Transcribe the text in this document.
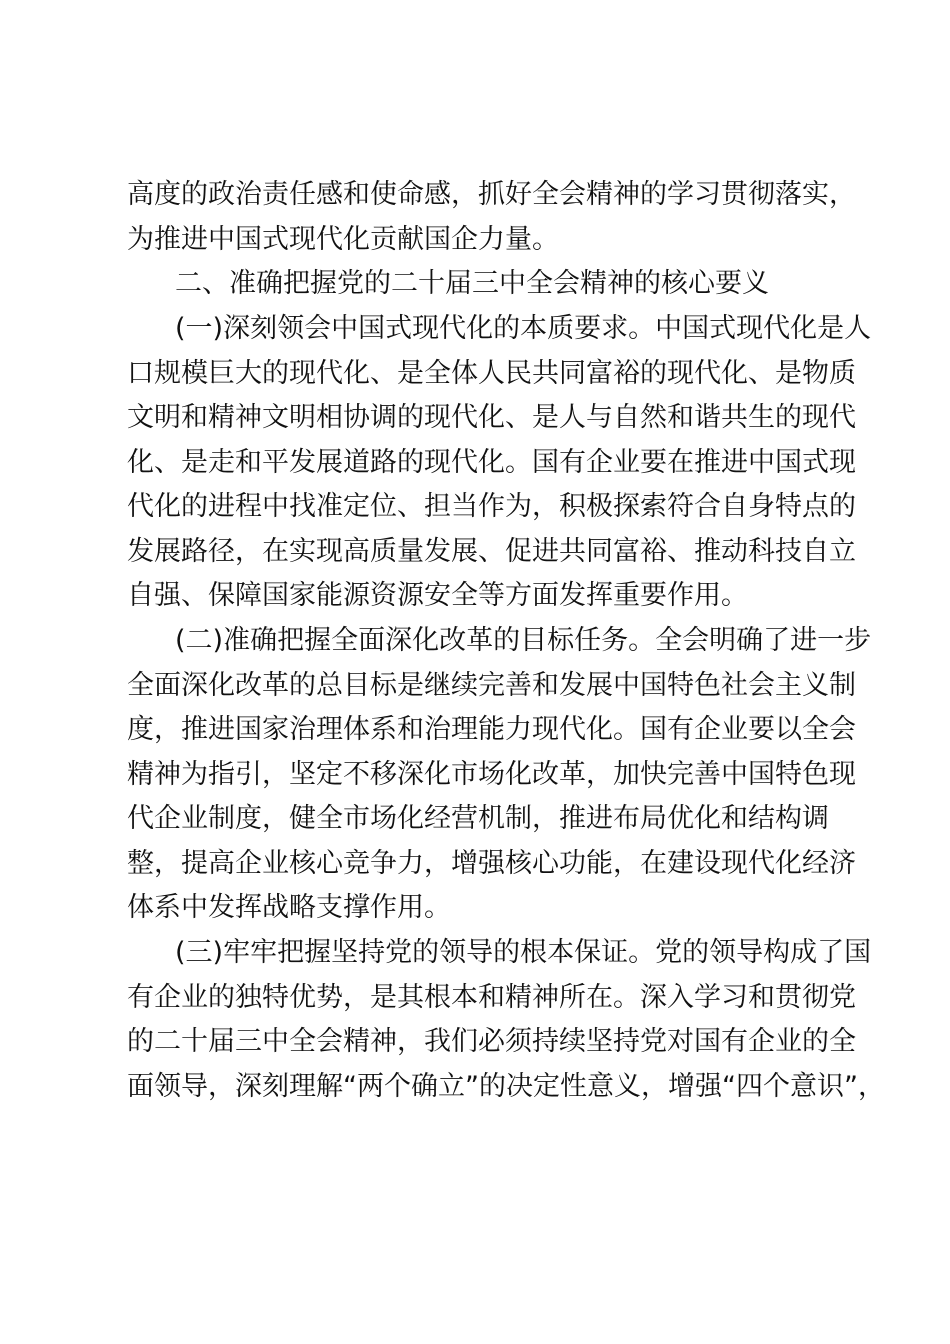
高度的政治责任感和使命感，抓好全会精神的学习贯彻落实，
为推进中国式现代化贡献国企力量。
二、准确把握党的二十届三中全会精神的核心要义
(一)深刻领会中国式现代化的本质要求。中国式现代化是人
口规模巨大的现代化、是全体人民共同富裕的现代化、是物质
文明和精神文明相协调的现代化、是人与自然和谐共生的现代
化、是走和平发展道路的现代化。国有企业要在推进中国式现
代化的进程中找准定位、担当作为，积极探索符合自身特点的
发展路径，在实现高质量发展、促进共同富裕、推动科技自立
自强、保障国家能源资源安全等方面发挥重要作用。
(二)准确把握全面深化改革的目标任务。全会明确了进一步
全面深化改革的总目标是继续完善和发展中国特色社会主义制
度，推进国家治理体系和治理能力现代化。国有企业要以全会
精神为指引，坚定不移深化市场化改革，加快完善中国特色现
代企业制度，健全市场化经营机制，推进布局优化和结构调
整，提高企业核心竞争力，增强核心功能，在建设现代化经济
体系中发挥战略支撑作用。
(三)牢牢把握坚持党的领导的根本保证。党的领导构成了国
有企业的独特优势，是其根本和精神所在。深入学习和贯彻党
的二十届三中全会精神，我们必须持续坚持党对国有企业的全
面领导，深刻理解“两个确立”的决定性意义，增强“四个意识”，
